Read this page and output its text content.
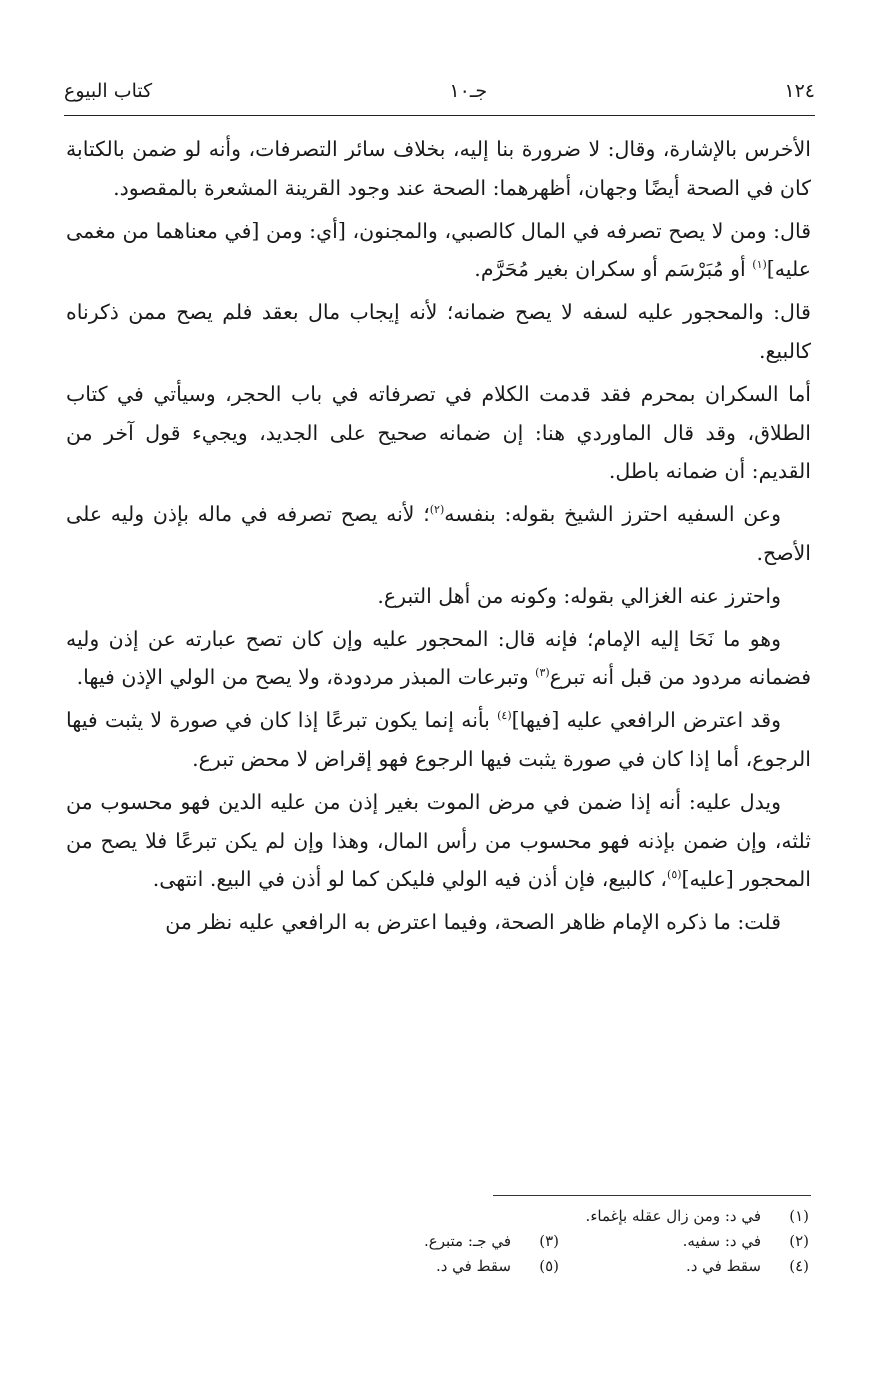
١٢٤
جـ١٠
كتاب البيوع

الأخرس بالإشارة، وقال: لا ضرورة بنا إليه، بخلاف سائر التصرفات، وأنه لو ضمن بالكتابة كان في الصحة أيضًا وجهان، أظهرهما: الصحة عند وجود القرينة المشعرة بالمقصود.

قال: ومن لا يصح تصرفه في المال كالصبي، والمجنون، [أي: ومن [في معناهما من مغمى عليه]$^{(١)}$ أو مُبَرْسَم أو سكران بغير مُحَرَّم.

قال: والمحجور عليه لسفه لا يصح ضمانه؛ لأنه إيجاب مال بعقد فلم يصح ممن ذكرناه كالبيع.

أما السكران بمحرم فقد قدمت الكلام في تصرفاته في باب الحجر، وسيأتي في كتاب الطلاق، وقد قال الماوردي هنا: إن ضمانه صحيح على الجديد، ويجيء قول آخر من القديم: أن ضمانه باطل.

وعن السفيه احترز الشيخ بقوله: بنفسه$^{(٢)}$؛ لأنه يصح تصرفه في ماله بإذن وليه على الأصح.

واحترز عنه الغزالي بقوله: وكونه من أهل التبرع.

وهو ما نَحَا إليه الإمام؛ فإنه قال: المحجور عليه وإن كان تصح عبارته عن إذن وليه فضمانه مردود من قبل أنه تبرع$^{(٣)}$ وتبرعات المبذر مردودة، ولا يصح من الولي الإذن فيها.

وقد اعترض الرافعي عليه [فيها]$^{(٤)}$ بأنه إنما يكون تبرعًا إذا كان في صورة لا يثبت فيها الرجوع، أما إذا كان في صورة يثبت فيها الرجوع فهو إقراض لا محض تبرع.

ويدل عليه: أنه إذا ضمن في مرض الموت بغير إذن من عليه الدين فهو محسوب من ثلثه، وإن ضمن بإذنه فهو محسوب من رأس المال، وهذا وإن لم يكن تبرعًا فلا يصح من المحجور [عليه]$^{(٥)}$، كالبيع، فإن أذن فيه الولي فليكن كما لو أذن في البيع. انتهى.

قلت: ما ذكره الإمام ظاهر الصحة، وفيما اعترض به الرافعي عليه نظر من

(١)في د: ومن زال عقله بإغماء.
(٢)في د: سفيه.
(٣)في جـ: متبرع.
(٤)سقط في د.
(٥)سقط في د.
